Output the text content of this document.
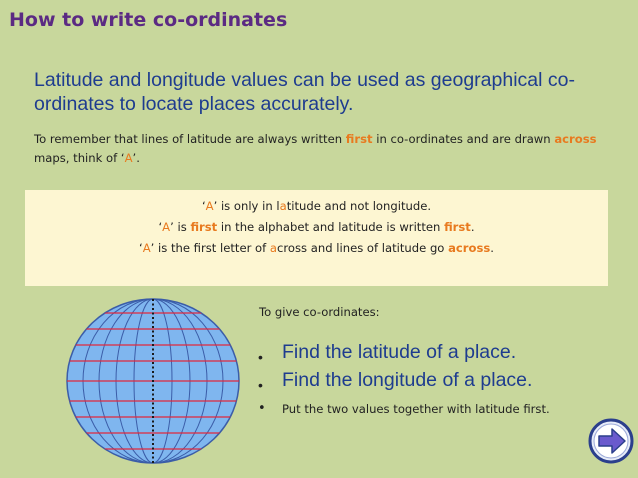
How to write co-ordinates
Latitude and longitude values can be used as geographical co-ordinates to locate places accurately.
To remember that lines of latitude are always written first in co-ordinates and are drawn across maps, think of ‘A’.
‘A’ is only in latitude and not longitude.
‘A’ is first in the alphabet and latitude is written first.
‘A’ is the first letter of across and lines of latitude go across.
To give co-ordinates:
• Find the latitude of a place.
• Find the longitude of a place.
• Put the two values together with latitude first.
